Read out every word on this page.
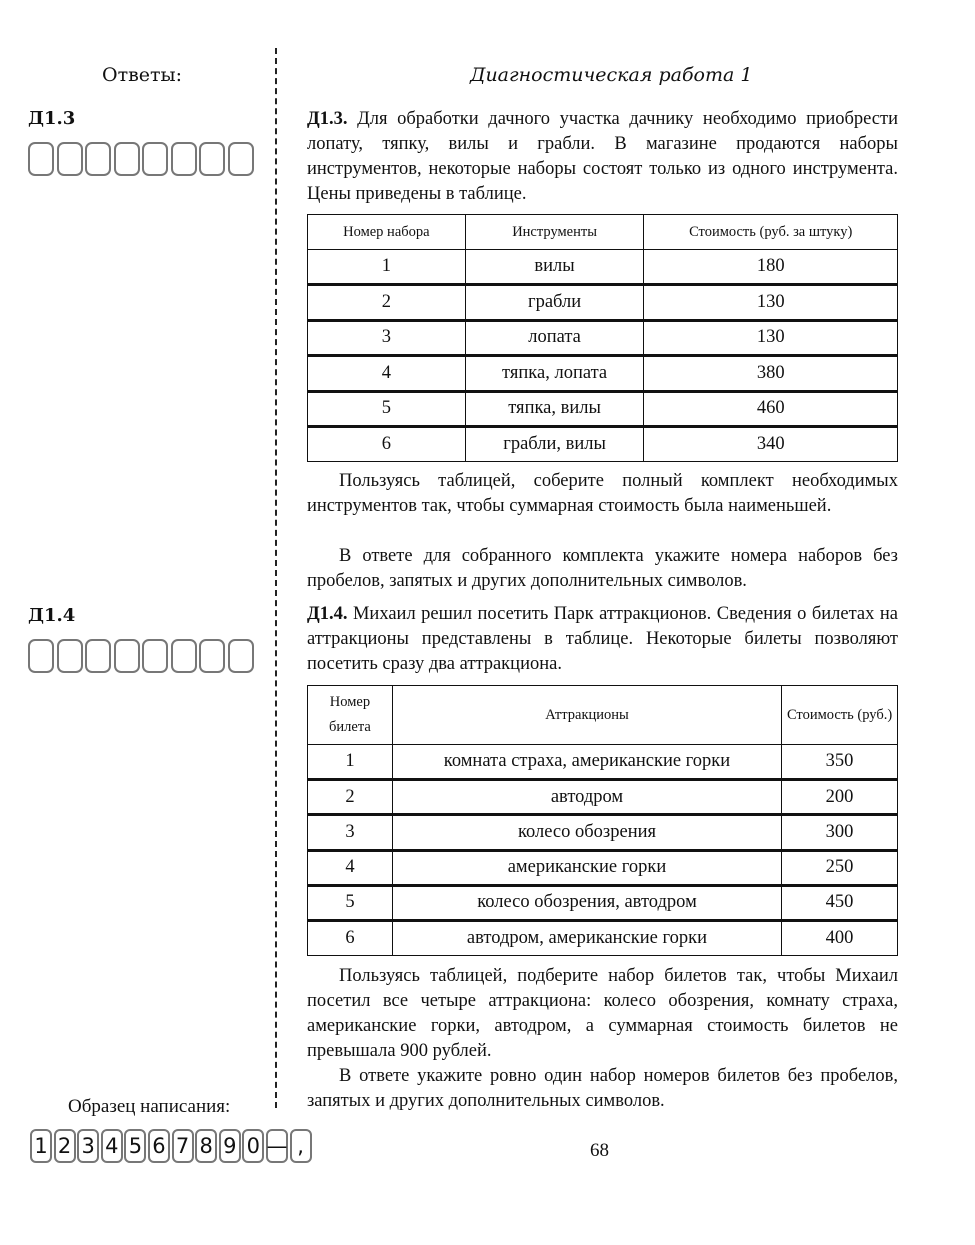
Ответы:
Д1.3
Д1.4
Диагностическая работа 1
Д1.3. Для обработки дачного участка дачнику необходимо приобрести лопату, тяпку, вилы и грабли. В магазине продаются наборы инструментов, некоторые наборы состоят только из одного инструмента. Цены приведены в таблице.
Номер набора	Инструменты	Стоимость (руб. за штуку)
1	вилы	180
2	грабли	130
3	лопата	130
4	тяпка, лопата	380
5	тяпка, вилы	460
6	грабли, вилы	340
Пользуясь таблицей, соберите полный комплект необходимых инструментов так, чтобы суммарная стоимость была наименьшей.
В ответе для собранного комплекта укажите номера наборов без пробелов, запятых и других дополнительных символов.
Д1.4. Михаил решил посетить Парк аттракционов. Сведения о билетах на аттракционы представлены в таблице. Некоторые билеты позволяют посетить сразу два аттракциона.
Номер билета	Аттракционы	Стоимость (руб.)
1	комната страха, американские горки	350
2	автодром	200
3	колесо обозрения	300
4	американские горки	250
5	колесо обозрения, автодром	450
6	автодром, американские горки	400
Пользуясь таблицей, подберите набор билетов так, чтобы Михаил посетил все четыре аттракциона: колесо обозрения, комнату страха, американские горки, автодром, а суммарная стоимость билетов не превышала 900 рублей.
В ответе укажите ровно один набор номеров билетов без пробелов, запятых и других дополнительных символов.
Образец написания:
1 2 3 4 5 6 7 8 9 0 — ,	68
